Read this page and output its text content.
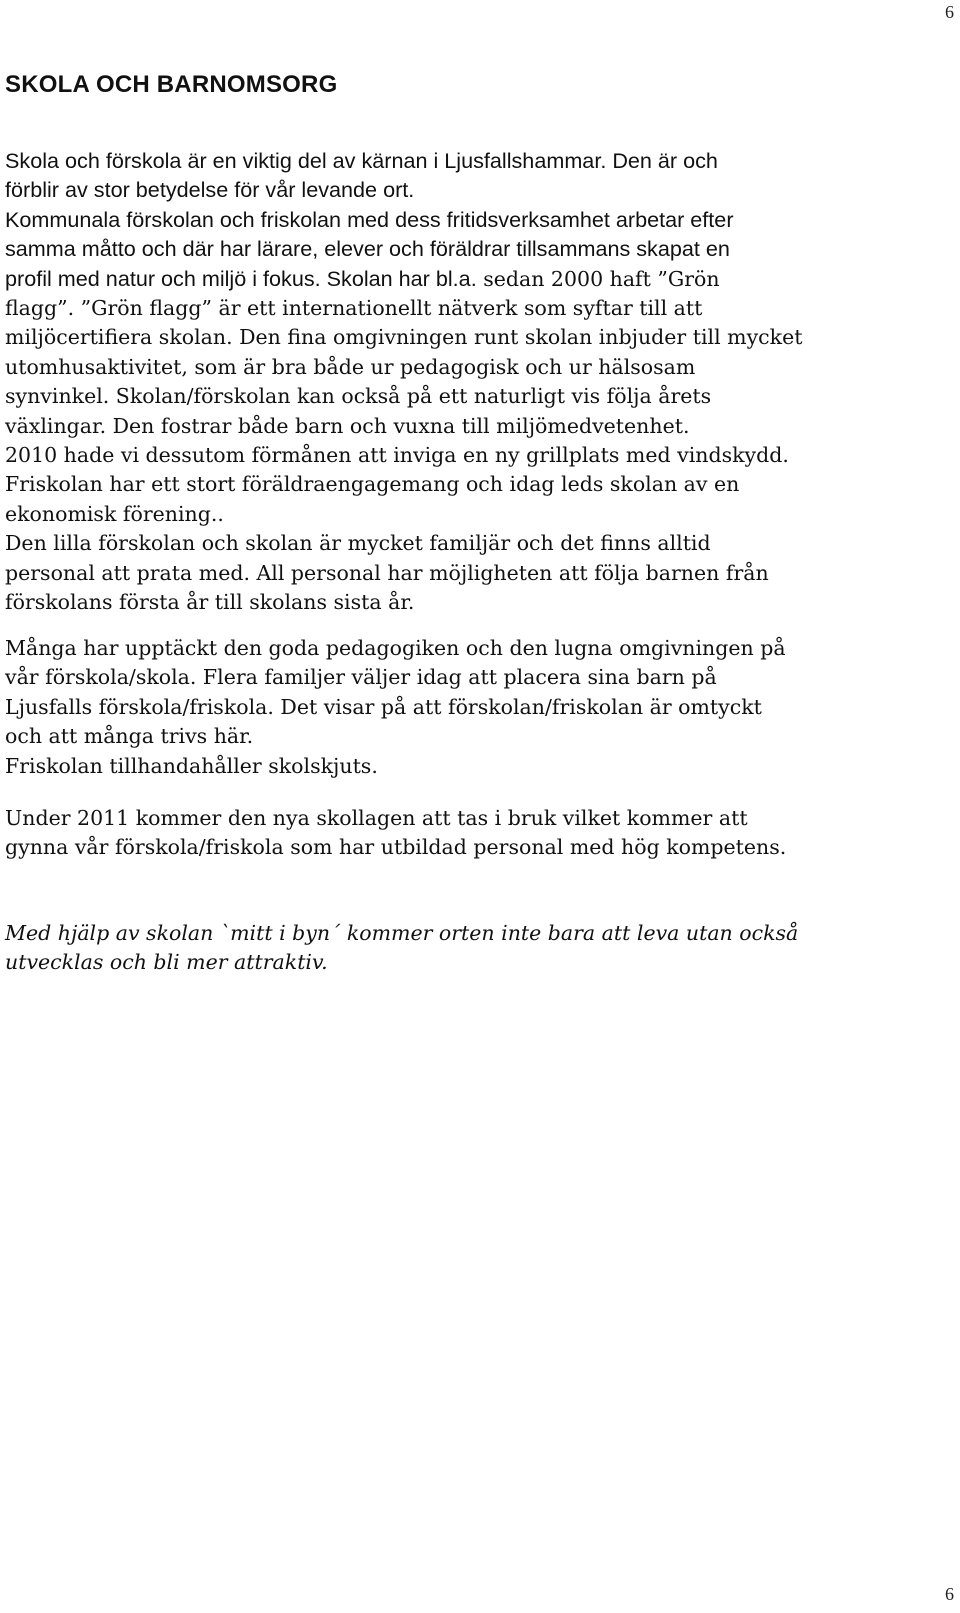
6
SKOLA OCH BARNOMSORG
Skola och förskola är en viktig del av kärnan i Ljusfallshammar. Den är och
förblir av stor betydelse för vår levande ort.
Kommunala förskolan och friskolan med dess fritidsverksamhet arbetar efter
samma måtto och där har lärare, elever och föräldrar tillsammans skapat en
profil med natur och miljö i fokus. Skolan har bl.a. sedan 2000 haft ”Grön
flagg”. ”Grön flagg” är ett internationellt nätverk som syftar till att
miljöcertifiera skolan. Den fina omgivningen runt skolan inbjuder till mycket
utomhusaktivitet, som är bra både ur pedagogisk och ur hälsosam
synvinkel. Skolan/förskolan kan också på ett naturligt vis följa årets
växlingar. Den fostrar både barn och vuxna till miljömedvetenhet.
2010 hade vi dessutom förmånen att inviga en ny grillplats med vindskydd.
Friskolan har ett stort föräldraengagemang och idag leds skolan av en
ekonomisk förening..
Den lilla förskolan och skolan är mycket familjär och det finns alltid
personal att prata med. All personal har möjligheten att följa barnen från
förskolans första år till skolans sista år.
Många har upptäckt den goda pedagogiken och den lugna omgivningen på
vår förskola/skola. Flera familjer väljer idag att placera sina barn på
Ljusfalls förskola/friskola. Det visar på att förskolan/friskolan är omtyckt
och att många trivs här.
Friskolan tillhandahåller skolskjuts.
Under 2011 kommer den nya skollagen att tas i bruk vilket kommer att
gynna vår förskola/friskola som har utbildad personal med hög kompetens.
Med hjälp av skolan `mitt i byn´ kommer orten inte bara att leva utan också
utvecklas och bli mer attraktiv.
6
